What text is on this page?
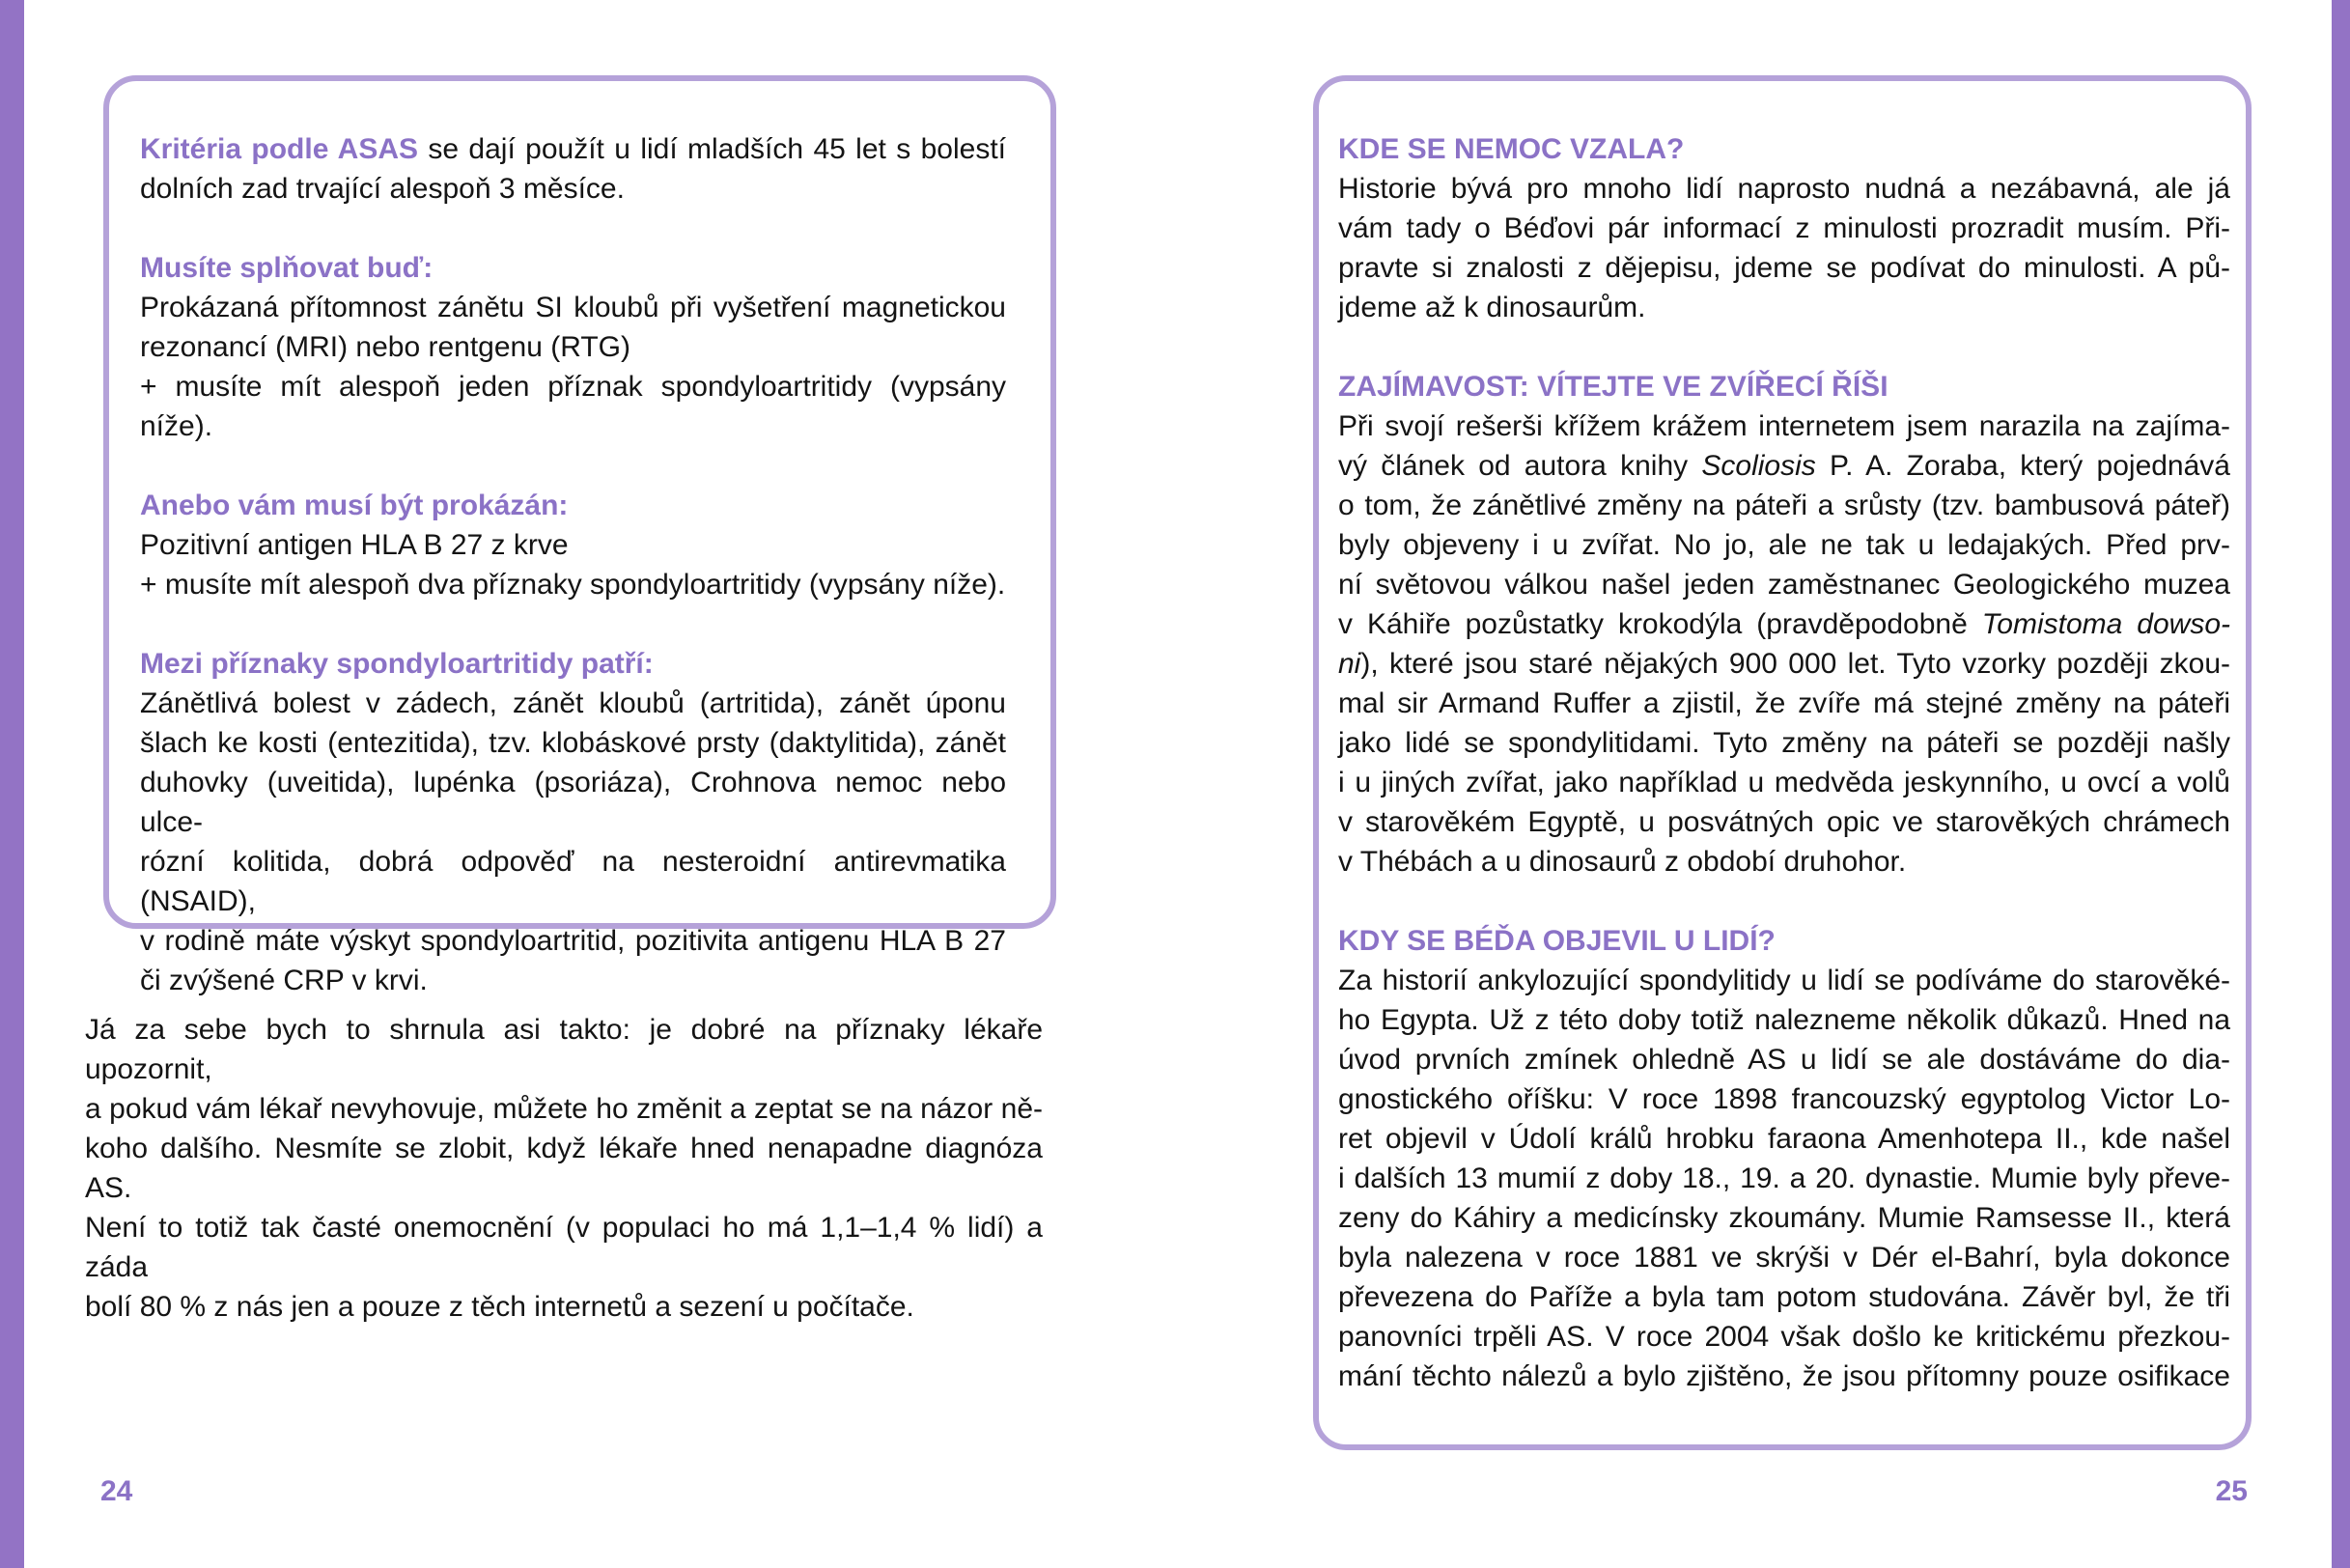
Kritéria podle ASAS se dají použít u lidí mladších 45 let s bolestí
dolních zad trvající alespoň 3 měsíce.
Musíte splňovat buď:
Prokázaná přítomnost zánětu SI kloubů při vyšetření magnetickou
rezonancí (MRI) nebo rentgenu (RTG)
+ musíte mít alespoň jeden příznak spondyloartritidy (vypsány níže).
Anebo vám musí být prokázán:
Pozitivní antigen HLA B 27 z krve
+ musíte mít alespoň dva příznaky spondyloartritidy (vypsány níže).
Mezi příznaky spondyloartritidy patří:
Zánětlivá bolest v zádech, zánět kloubů (artritida), zánět úponu
šlach ke kosti (entezitida), tzv. klobáskové prsty (daktylitida), zánět
duhovky (uveitida), lupénka (psoriáza), Crohnova nemoc nebo ulce-
rózní kolitida, dobrá odpověď na nesteroidní antirevmatika (NSAID),
v rodině máte výskyt spondyloartritid, pozitivita antigenu HLA B 27
či zvýšené CRP v krvi.
Já za sebe bych to shrnula asi takto: je dobré na příznaky lékaře upozornit,
a pokud vám lékař nevyhovuje, můžete ho změnit a zeptat se na názor ně-
koho dalšího. Nesmíte se zlobit, když lékaře hned nenapadne diagnóza AS.
Není to totiž tak časté onemocnění (v populaci ho má 1,1–1,4 % lidí) a záda
bolí 80 % z nás jen a pouze z těch internetů a sezení u počítače.
24
KDE SE NEMOC VZALA?
Historie bývá pro mnoho lidí naprosto nudná a nezábavná, ale já
vám tady o Béďovi pár informací z minulosti prozradit musím. Při-
pravte si znalosti z dějepisu, jdeme se podívat do minulosti. A pů-
jdeme až k dinosaurům.
ZAJÍMAVOST: VÍTEJTE VE ZVÍŘECÍ ŘÍŠI
Při svojí rešerši křížem krážem internetem jsem narazila na zajíma-
vý článek od autora knihy Scoliosis P. A. Zoraba, který pojednává
o tom, že zánětlivé změny na páteři a srůsty (tzv. bambusová páteř)
byly objeveny i u zvířat. No jo, ale ne tak u ledajakých. Před prv-
ní světovou válkou našel jeden zaměstnanec Geologického muzea
v Káhiře pozůstatky krokodýla (pravděpodobně Tomistoma dowso-
ni), které jsou staré nějakých 900 000 let. Tyto vzorky později zkou-
mal sir Armand Ruffer a zjistil, že zvíře má stejné změny na páteři
jako lidé se spondylitidami. Tyto změny na páteři se později našly
i u jiných zvířat, jako například u medvěda jeskynního, u ovcí a volů
v starověkém Egyptě, u posvátných opic ve starověkých chrámech
v Thébách a u dinosaurů z období druhohor.
KDY SE BÉĎA OBJEVIL U LIDÍ?
Za historií ankylozující spondylitidy u lidí se podíváme do starověké-
ho Egypta. Už z této doby totiž nalezneme několik důkazů. Hned na
úvod prvních zmínek ohledně AS u lidí se ale dostáváme do dia-
gnostického oříšku: V roce 1898 francouzský egyptolog Victor Lo-
ret objevil v Údolí králů hrobku faraona Amenhotepa II., kde našel
i dalších 13 mumií z doby 18., 19. a 20. dynastie. Mumie byly převe-
zeny do Káhiry a medicínsky zkoumány. Mumie Ramsesse II., která
byla nalezena v roce 1881 ve skrýši v Dér el-Bahrí, byla dokonce
převezena do Paříže a byla tam potom studována. Závěr byl, že tři
panovníci trpěli AS. V roce 2004 však došlo ke kritickému přezkou-
mání těchto nálezů a bylo zjištěno, že jsou přítomny pouze osifikace
25
